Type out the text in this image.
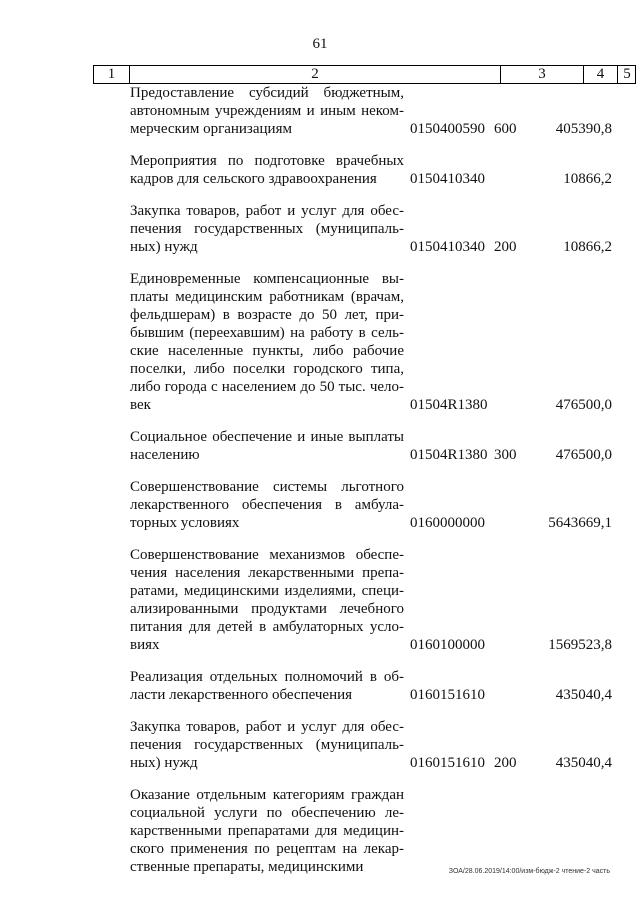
61
1	2	3	4	5
Предоставление субсидий бюджетным, автономным учреждениям и иным неком- мерческим организациям	0150400590 600	405390,8
Мероприятия по подготовке врачебных кадров для сельского здравоохранения	0150410340	10866,2
Закупка товаров, работ и услуг для обес- печения государственных (муниципаль- ных) нужд	0150410340 200	10866,2
Единовременные компенсационные вы- платы медицинским работникам (врачам, фельдшерам) в возрасте до 50 лет, при- бывшим (переехавшим) на работу в сель- ские населенные пункты, либо рабочие поселки, либо поселки городского типа, либо города с населением до 50 тыс. чело- век	01504R1380	476500,0
Социальное обеспечение и иные выплаты населению	01504R1380 300	476500,0
Совершенствование системы льготного лекарственного обеспечения в амбула- торных условиях	0160000000	5643669,1
Совершенствование механизмов обеспе- чения населения лекарственными препа- ратами, медицинскими изделиями, специ- ализированными продуктами лечебного питания для детей в амбулаторных усло- виях	0160100000	1569523,8
Реализация отдельных полномочий в об- ласти лекарственного обеспечения	0160151610	435040,4
Закупка товаров, работ и услуг для обес- печения государственных (муниципаль- ных) нужд	0160151610 200	435040,4
Оказание отдельным категориям граждан социальной услуги по обеспечению ле- карственными препаратами для медицин- ского применения по рецептам на лекар- ственные препараты, медицинскими	ЗОА/28.06.2019/14:00/изм-бюдж-2 чтение-2 часть
